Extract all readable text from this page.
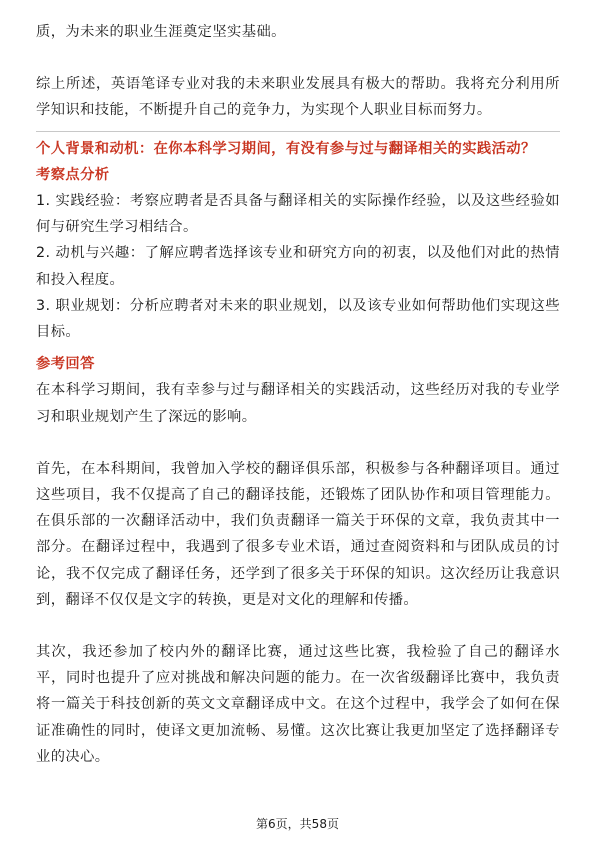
质，为未来的职业生涯奠定坚实基础。

综上所述，英语笔译专业对我的未来职业发展具有极大的帮助。我将充分利用所学知识和技能，不断提升自己的竞争力，为实现个人职业目标而努力。

个人背景和动机：在你本科学习期间，有没有参与过与翻译相关的实践活动？

考察点分析

1. 实践经验：考察应聘者是否具备与翻译相关的实际操作经验，以及这些经验如何与研究生学习相结合。

2. 动机与兴趣：了解应聘者选择该专业和研究方向的初衷，以及他们对此的热情和投入程度。

3. 职业规划：分析应聘者对未来的职业规划，以及该专业如何帮助他们实现这些目标。

参考回答

在本科学习期间，我有幸参与过与翻译相关的实践活动，这些经历对我的专业学习和职业规划产生了深远的影响。

首先，在本科期间，我曾加入学校的翻译俱乐部，积极参与各种翻译项目。通过这些项目，我不仅提高了自己的翻译技能，还锻炼了团队协作和项目管理能力。在俱乐部的一次翻译活动中，我们负责翻译一篇关于环保的文章，我负责其中一部分。在翻译过程中，我遇到了很多专业术语，通过查阅资料和与团队成员的讨论，我不仅完成了翻译任务，还学到了很多关于环保的知识。这次经历让我意识到，翻译不仅仅是文字的转换，更是对文化的理解和传播。

其次，我还参加了校内外的翻译比赛，通过这些比赛，我检验了自己的翻译水平，同时也提升了应对挑战和解决问题的能力。在一次省级翻译比赛中，我负责将一篇关于科技创新的英文文章翻译成中文。在这个过程中，我学会了如何在保证准确性的同时，使译文更加流畅、易懂。这次比赛让我更加坚定了选择翻译专业的决心。

第6页，共58页
